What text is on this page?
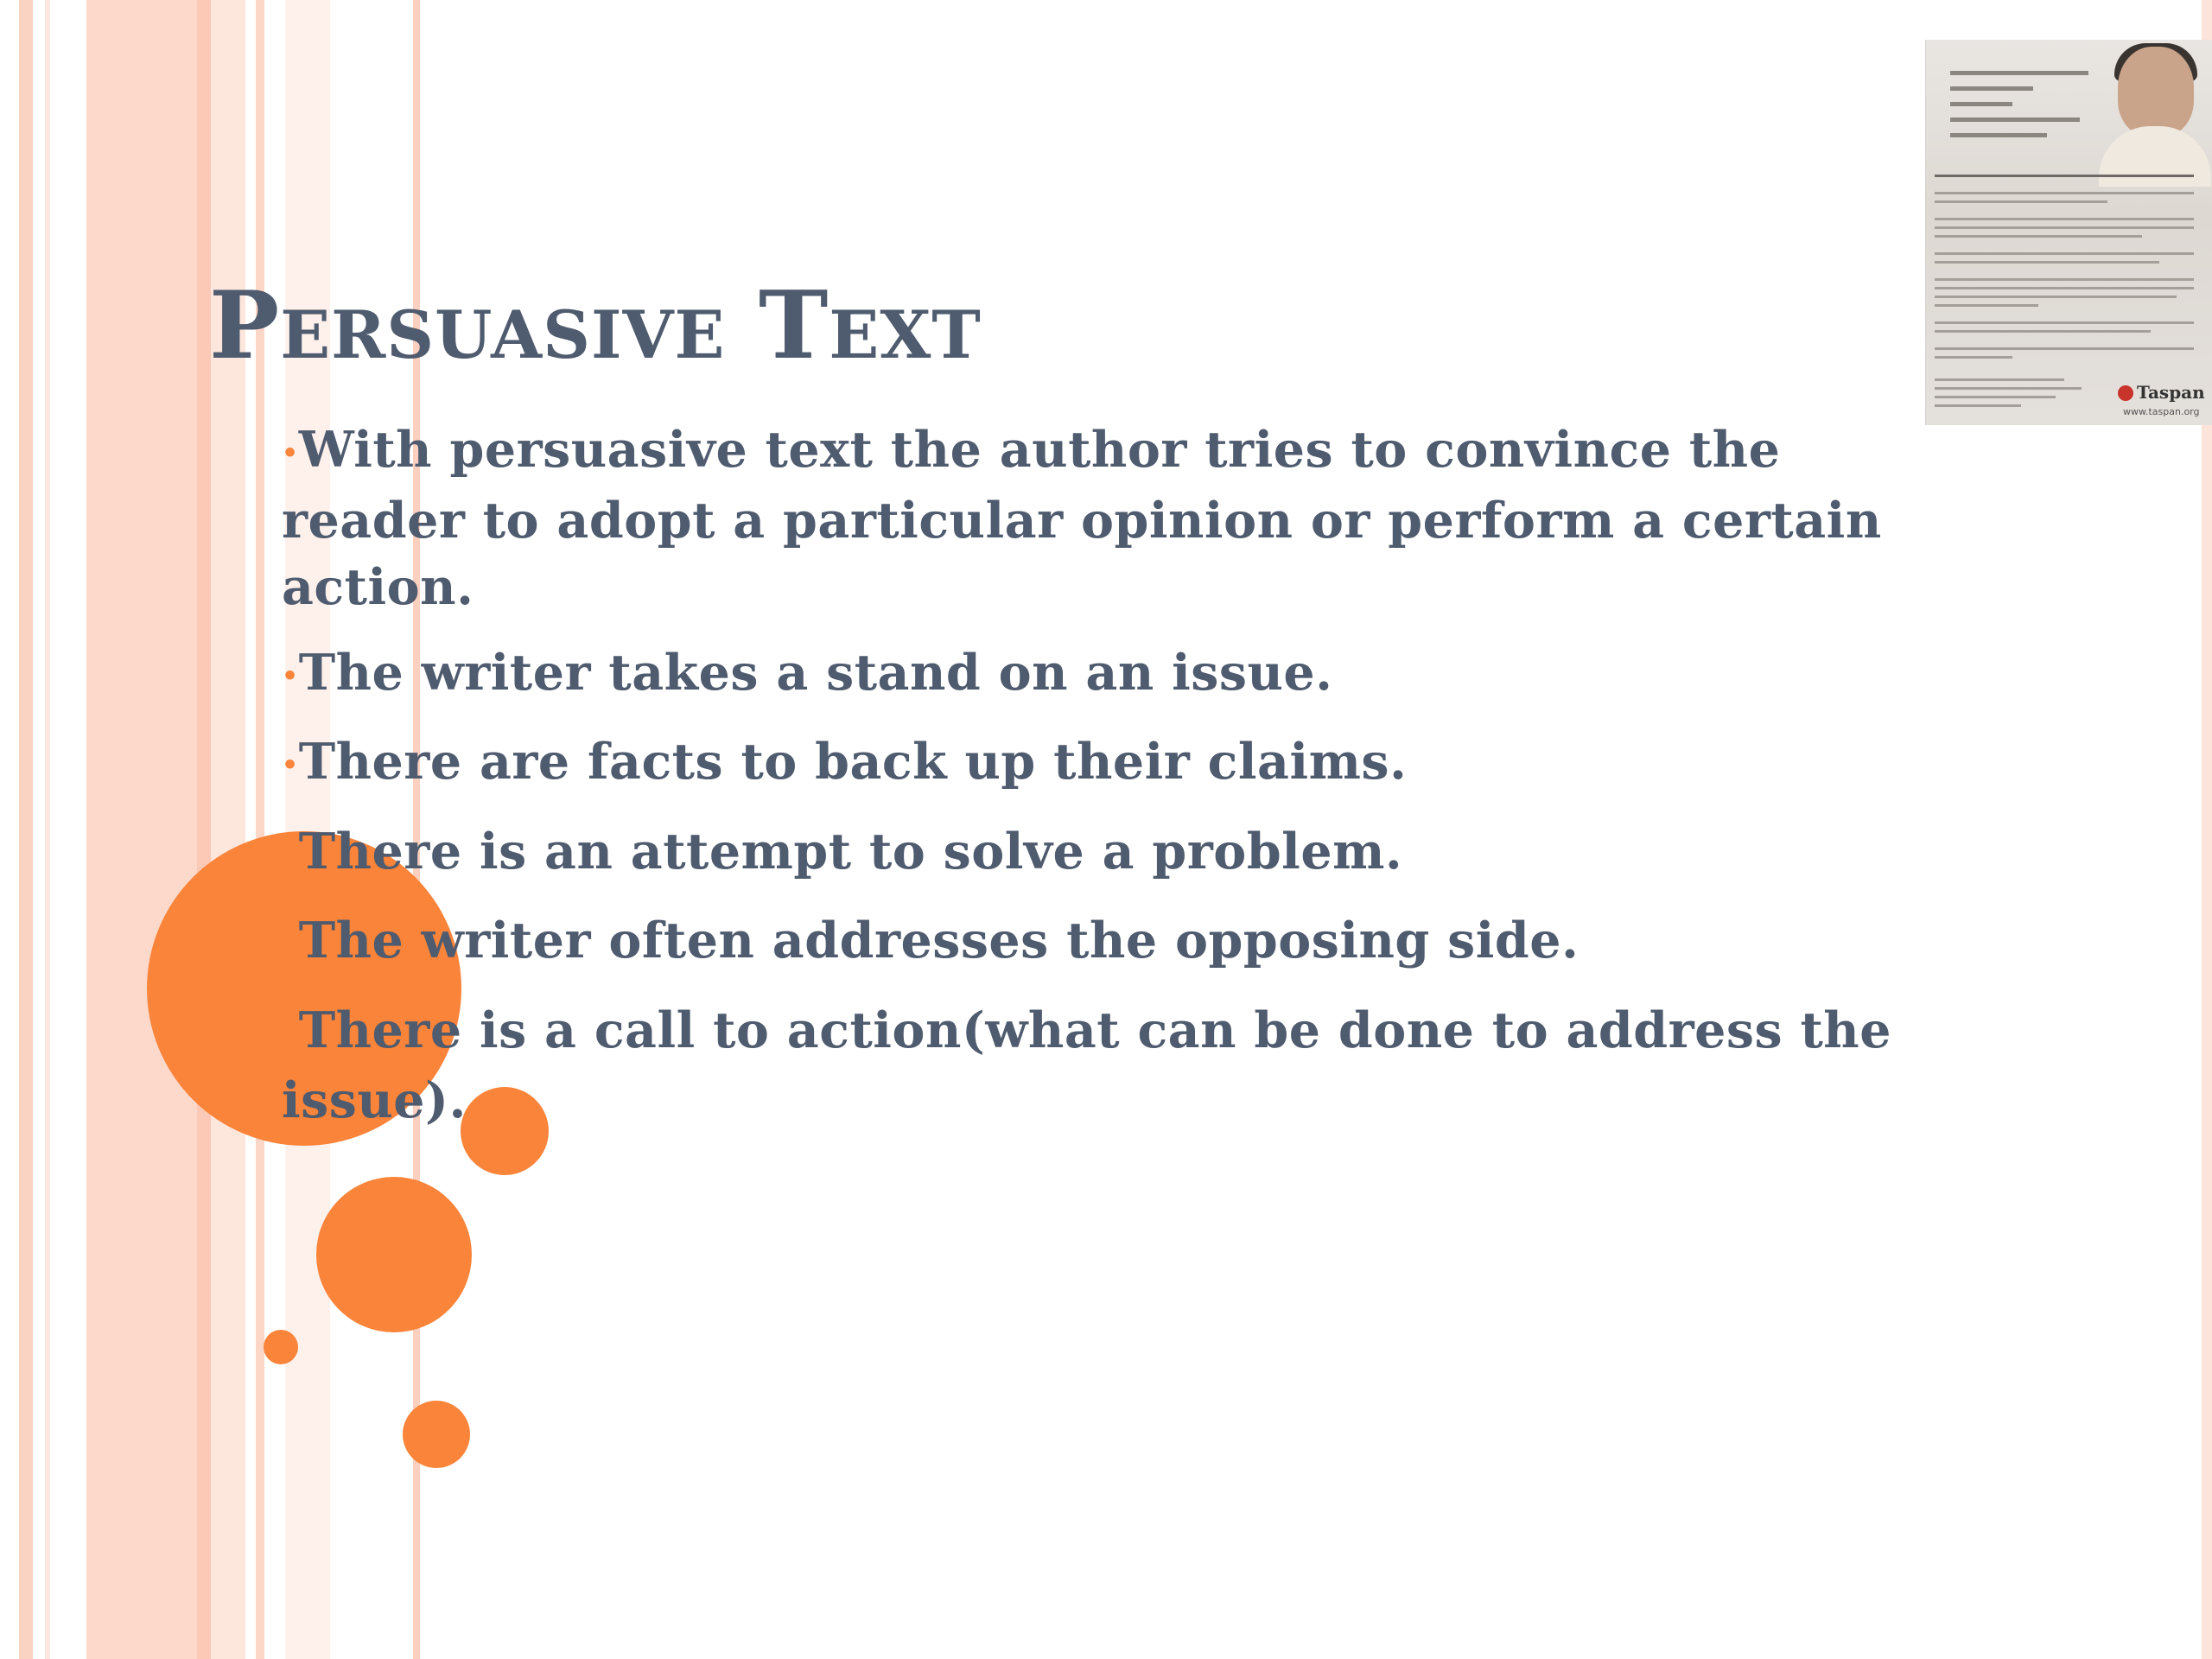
Taspan
www.taspan.org
Persuasive Text
•With persuasive text the author tries to convince the reader to adopt a particular opinion or perform a certain action.
•The writer takes a stand on an issue.
•There are facts to back up their claims.
•There is an attempt to solve a problem.
•The writer often addresses the opposing side.
•There is a call to action(what can be done to address the issue).
